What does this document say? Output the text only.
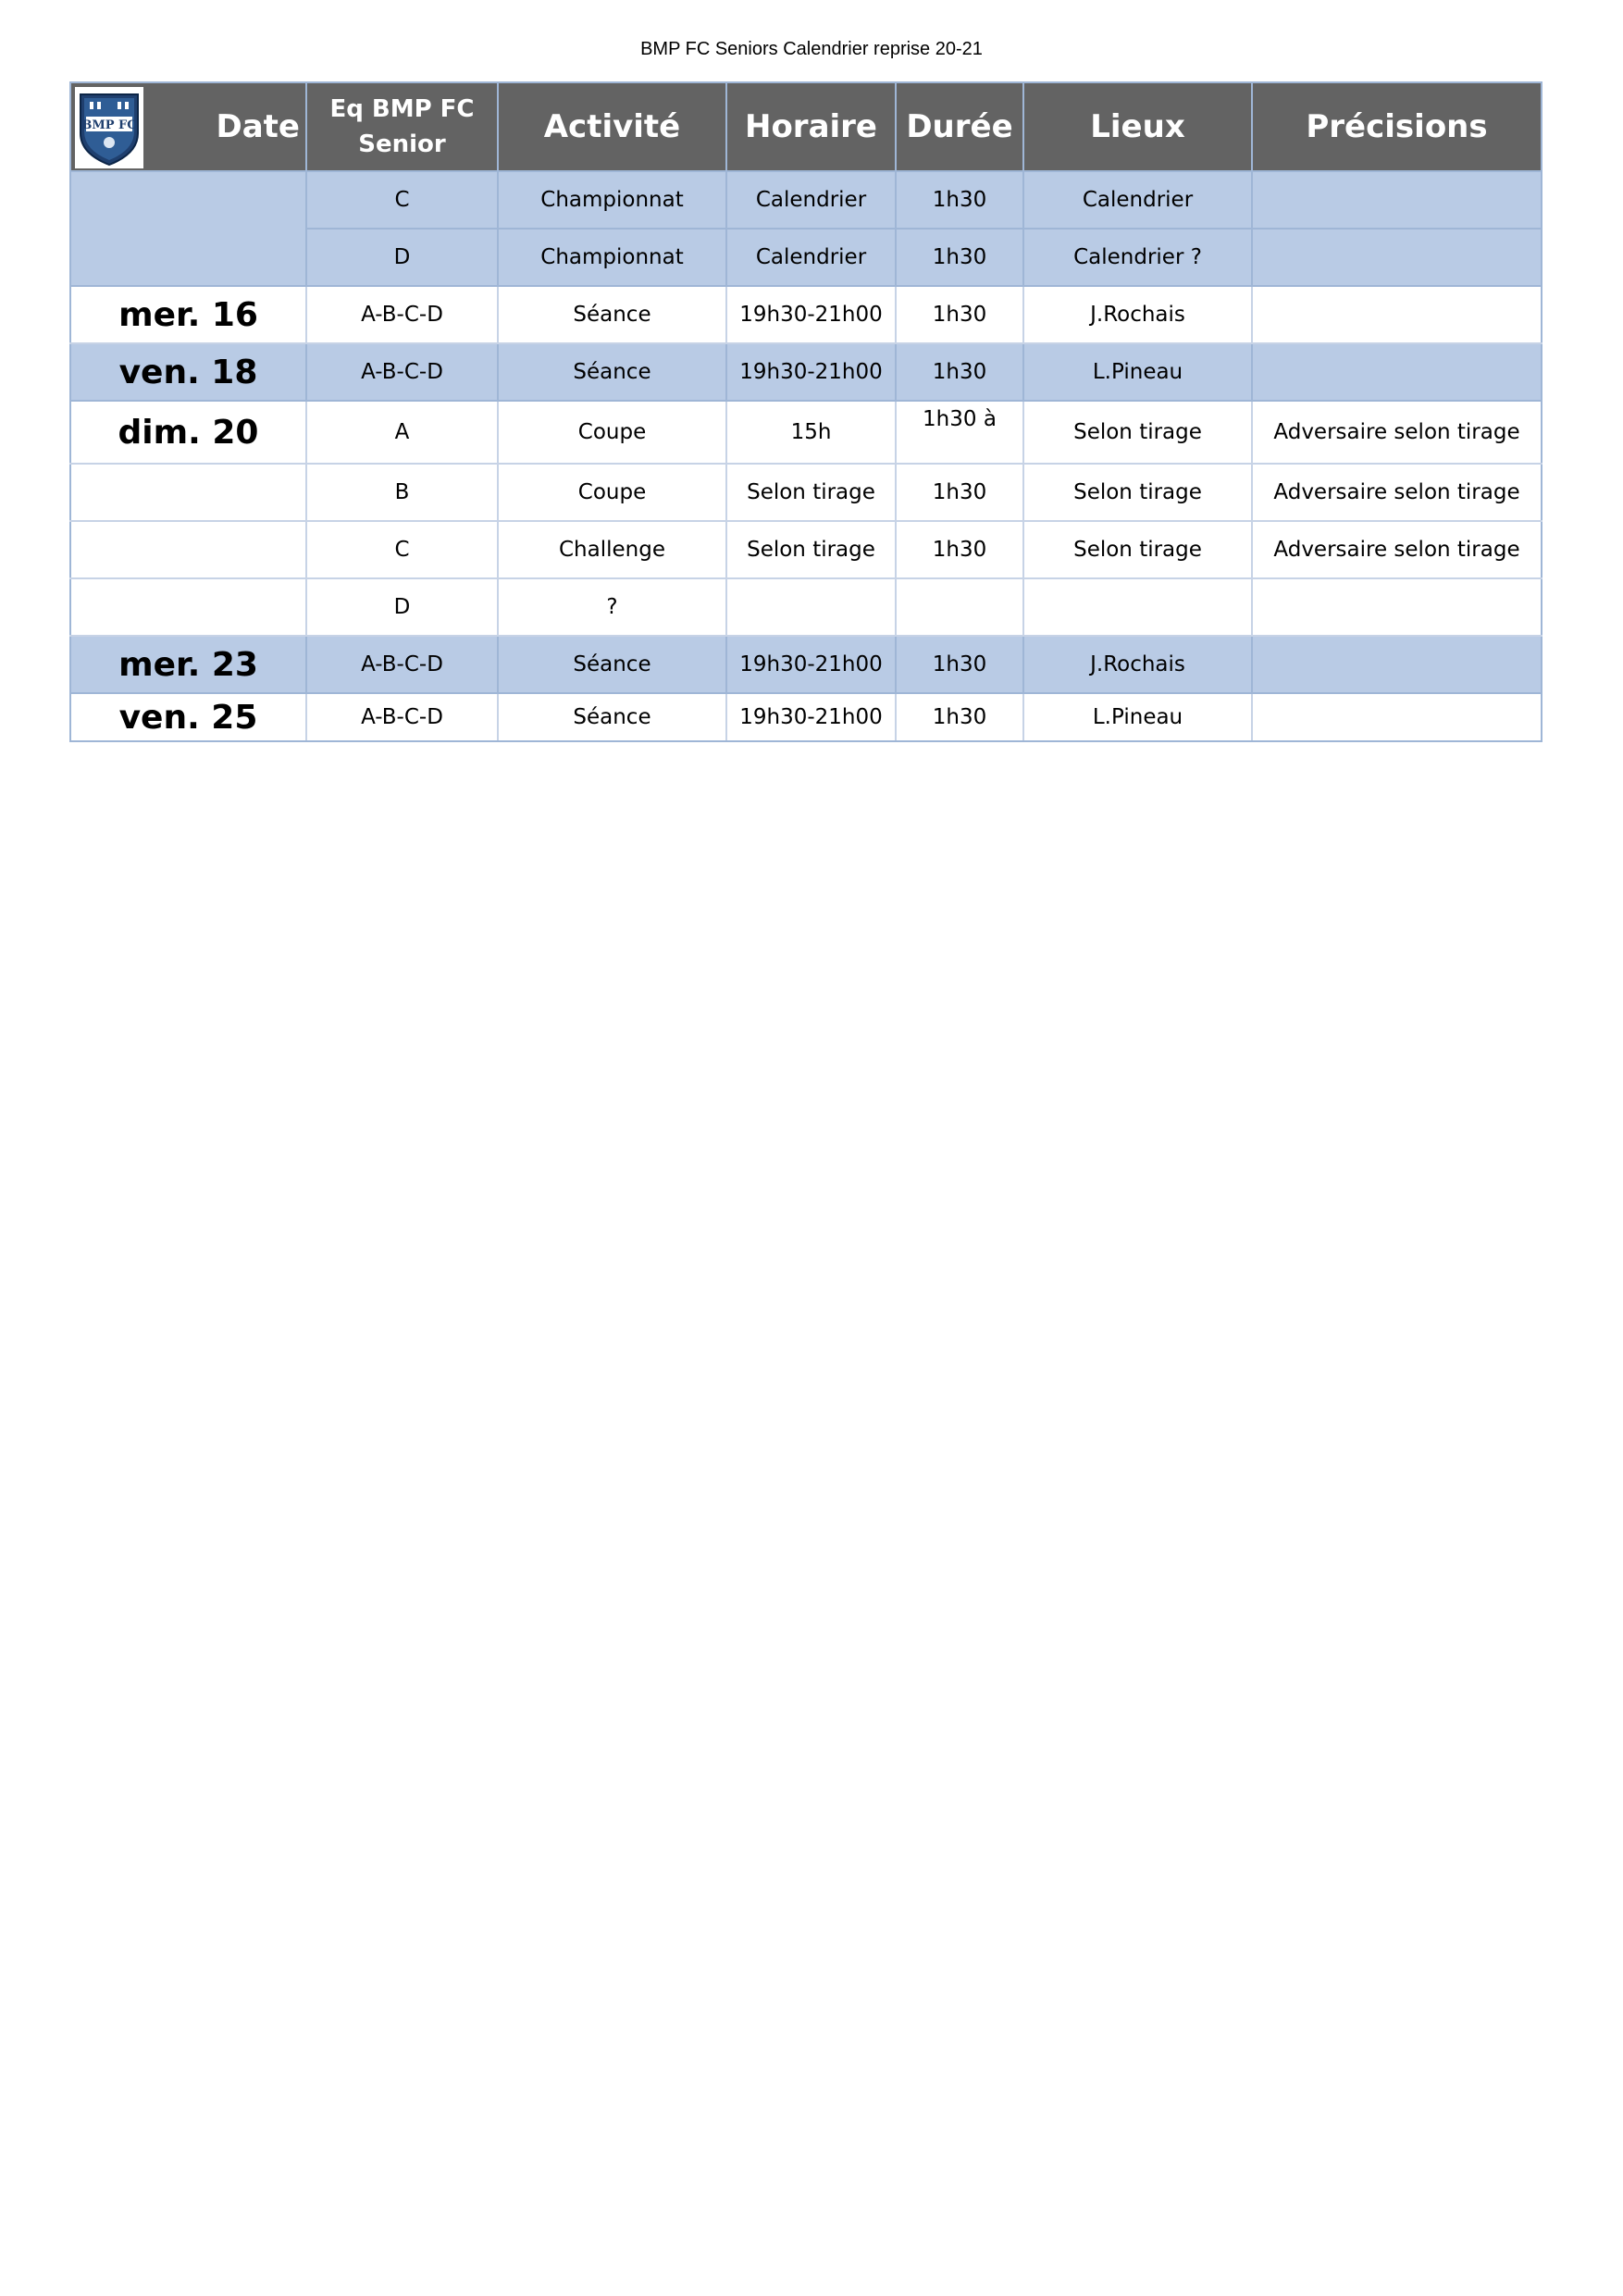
BMP FC Seniors Calendrier reprise 20-21
BMP FC Date	Eq BMP FC Senior	Activité	Horaire	Durée	Lieux	Précisions
	C	Championnat	Calendrier	1h30	Calendrier	
	D	Championnat	Calendrier	1h30	Calendrier ?	
mer. 16	A-B-C-D	Séance	19h30-21h00	1h30	J.Rochais	
ven. 18	A-B-C-D	Séance	19h30-21h00	1h30	L.Pineau	
dim. 20	A	Coupe	15h	1h30 à	Selon tirage	Adversaire selon tirage
	B	Coupe	Selon tirage	1h30	Selon tirage	Adversaire selon tirage
	C	Challenge	Selon tirage	1h30	Selon tirage	Adversaire selon tirage
	D	?				
mer. 23	A-B-C-D	Séance	19h30-21h00	1h30	J.Rochais	
ven. 25	A-B-C-D	Séance	19h30-21h00	1h30	L.Pineau	
